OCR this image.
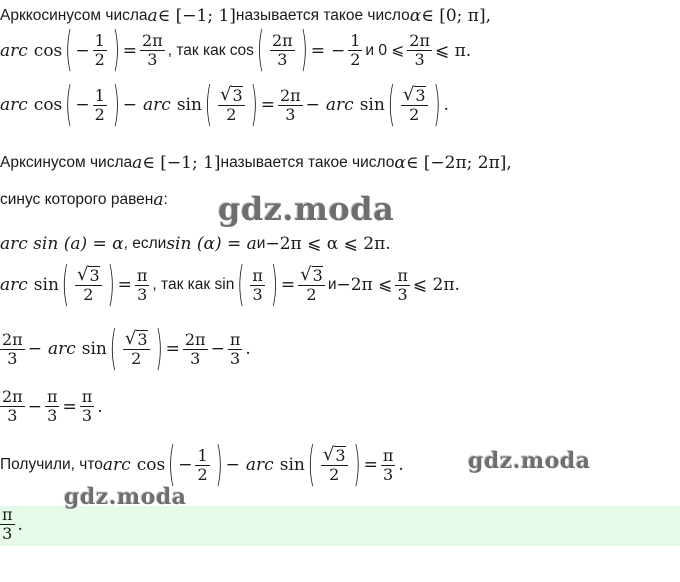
Арккосинусом числа a ∈ [−1; 1] называется такое число α ∈ [0; π],
arc cos ( − $\frac{1}{2}$ ) = $\frac{2\pi}{3}$ , так как cos ( $\frac{2\pi}{3}$ ) = − $\frac{1}{2}$ и 0 ⩽ $\frac{2\pi}{3}$ ⩽ π.
arc cos ( − $\frac{1}{2}$ ) − arc sin ( $\frac{√ 3}{2}$ ) = $\frac{2\pi}{3}$ − arc sin ( $\frac{√ 3}{2}$ ) .
Арксинусом числа a ∈ [−1; 1] называется такое число α ∈ [−2π; 2π],
синус которого равен a :
arc sin (a) = α , если sin (α) = a и −2π ⩽ α ⩽ 2π.
arc sin ( $\frac{√ 3}{2}$ ) = $\frac{\pi}{3}$ , так как sin ( $\frac{\pi}{3}$ ) = $\frac{√ 3}{2}$ и −2π ⩽ $\frac{\pi}{3}$ ⩽ 2π.
$\frac{2\pi}{3}$ − arc sin ( $\frac{√ 3}{2}$ ) = $\frac{2\pi}{3} - \frac{\pi}{3}$ .
$\frac{2\pi}{3} - \frac{\pi}{3} = \frac{\pi}{3}$ .
Получили, что arc cos ( − $\frac{1}{2}$ ) − arc sin ( $\frac{√ 3}{2}$ ) = $\frac{\pi}{3}$ .
$\frac{\pi}{3}$ .
gdz.moda
gdz.moda
gdz.moda
